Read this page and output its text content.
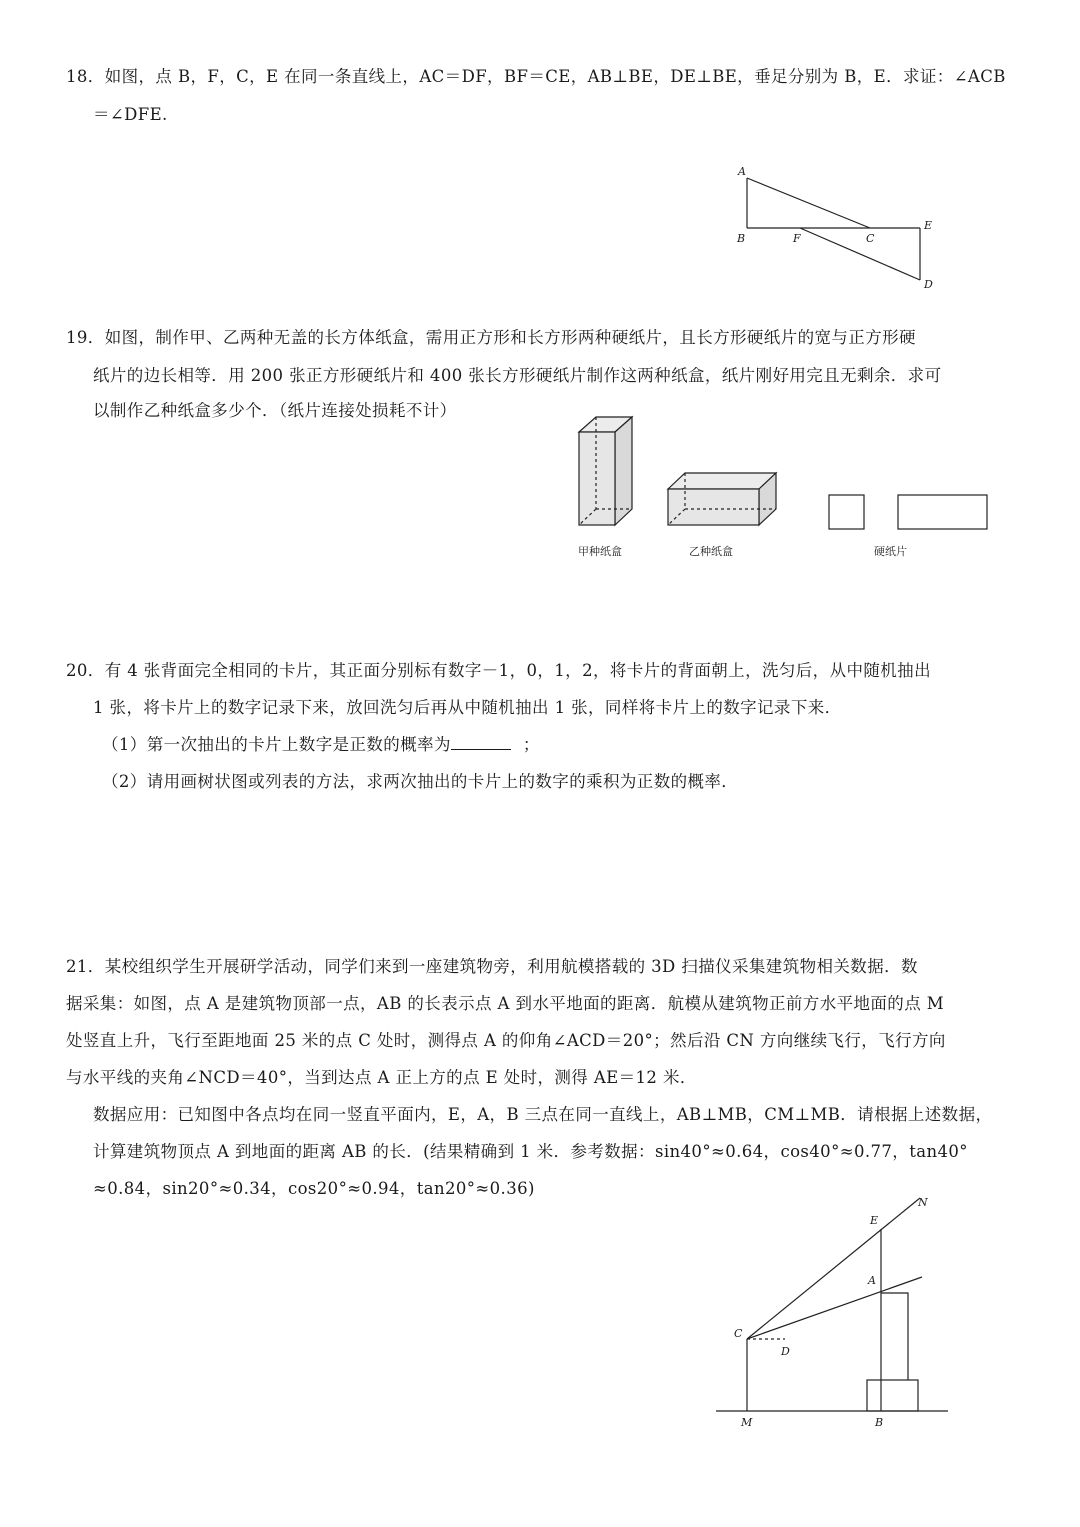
18．如图，点 B，F，C，E 在同一条直线上，AC＝DF，BF＝CE，AB⊥BE，DE⊥BE，垂足分别为 B，E．求证：∠ACB
＝∠DFE.
19．如图，制作甲、乙两种无盖的长方体纸盒，需用正方形和长方形两种硬纸片，且长方形硬纸片的宽与正方形硬
纸片的边长相等．用 200 张正方形硬纸片和 400 张长方形硬纸片制作这两种纸盒，纸片刚好用完且无剩余．求可
以制作乙种纸盒多少个．（纸片连接处损耗不计）
20．有 4 张背面完全相同的卡片，其正面分别标有数字－1，0，1，2，将卡片的背面朝上，洗匀后，从中随机抽出
1 张，将卡片上的数字记录下来，放回洗匀后再从中随机抽出 1 张，同样将卡片上的数字记录下来．
（1）第一次抽出的卡片上数字是正数的概率为	；
（2）请用画树状图或列表的方法，求两次抽出的卡片上的数字的乘积为正数的概率．
21．某校组织学生开展研学活动，同学们来到一座建筑物旁，利用航模搭载的 3D 扫描仪采集建筑物相关数据．数
据采集：如图，点 A 是建筑物顶部一点，AB 的长表示点 A 到水平地面的距离．航模从建筑物正前方水平地面的点 M
处竖直上升，飞行至距地面 25 米的点 C 处时，测得点 A 的仰角∠ACD＝20°；然后沿 CN 方向继续飞行，飞行方向
与水平线的夹角∠NCD＝40°，当到达点 A 正上方的点 E 处时，测得 AE＝12 米．
数据应用：已知图中各点均在同一竖直平面内，E，A，B 三点在同一直线上，AB⊥MB，CM⊥MB．请根据上述数据，
计算建筑物顶点 A 到地面的距离 AB 的长．(结果精确到 1 米．参考数据：sin40°≈0.64，cos40°≈0.77，tan40°
≈0.84，sin20°≈0.34，cos20°≈0.94，tan20°≈0.36)
A
B	F	C
E
D
甲种纸盒	乙种纸盒	硬纸片
N
E
A
C
D
M	B
